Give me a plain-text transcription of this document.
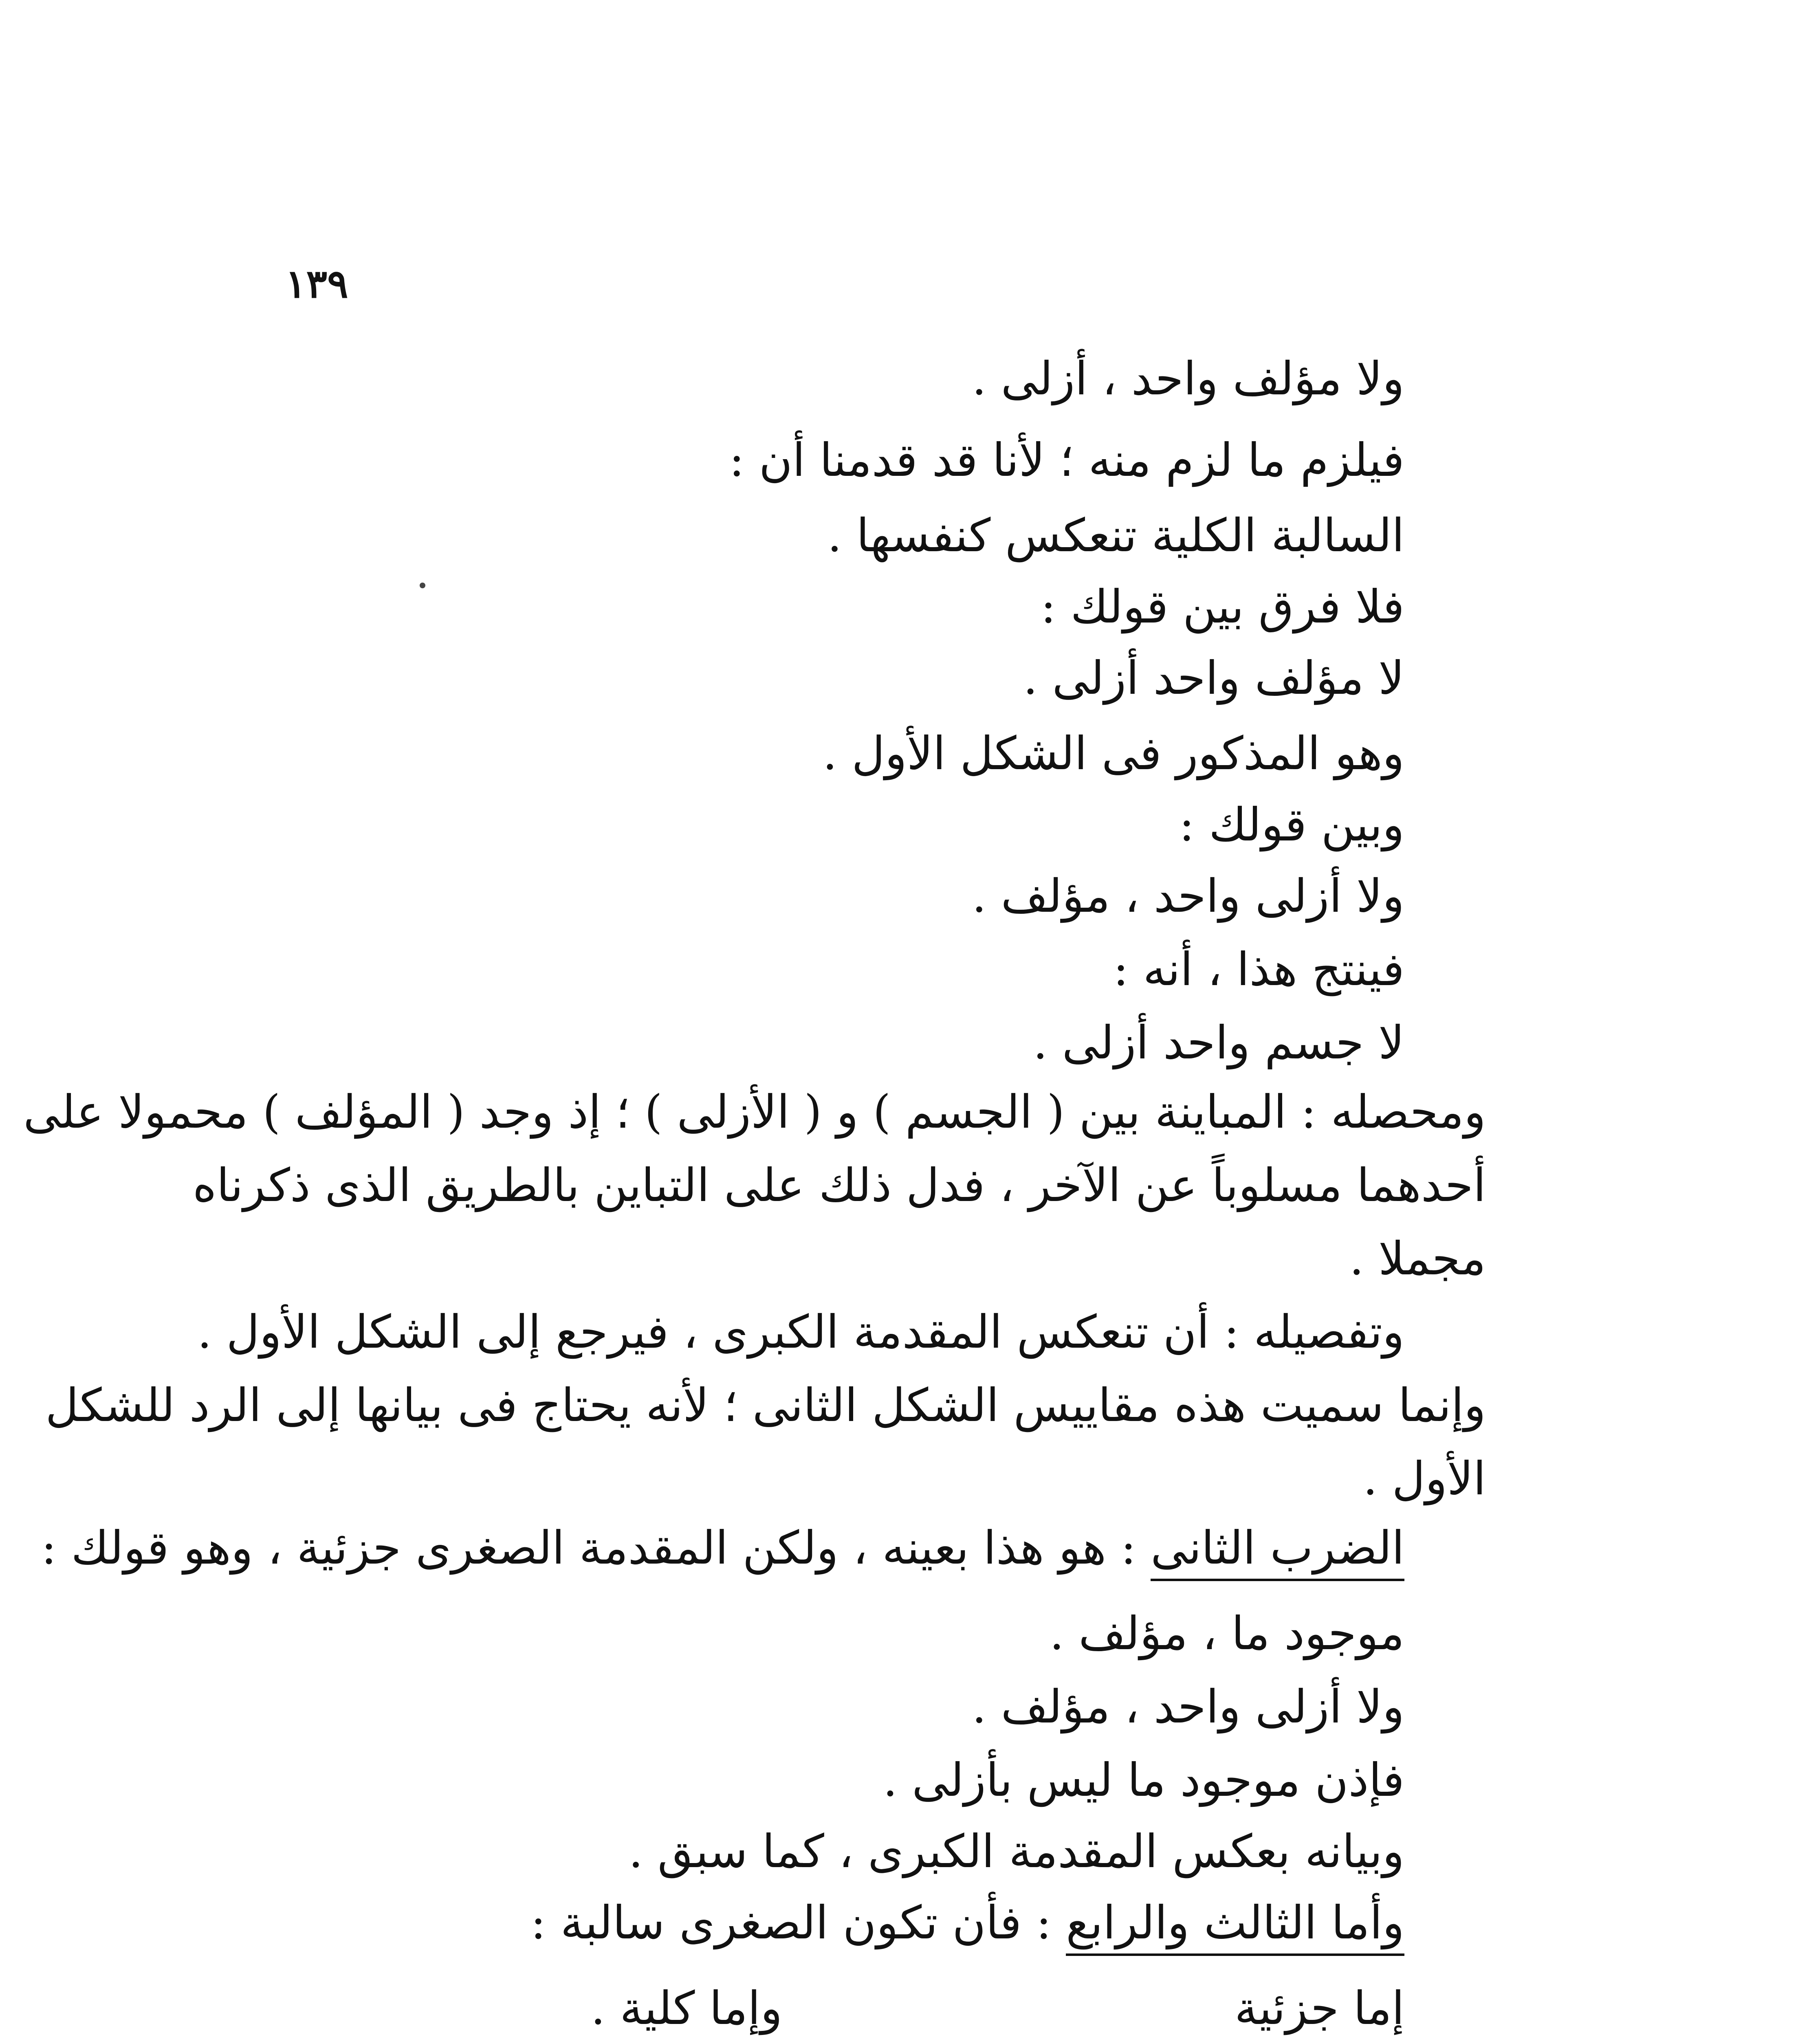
١٣٩
ولا مؤلف واحد ، أزلى .
فيلزم ما لزم منه ؛ لأنا قد قدمنا أن :
السالبة الكلية تنعكس كنفسها .
فلا فرق بين قولك :
لا مؤلف واحد أزلى .
وهو المذكور فى الشكل الأول .
وبين قولك :
ولا أزلى واحد ، مؤلف .
فينتج هذا ، أنه :
لا جسم واحد أزلى .
ومحصله : المباينة بين ( الجسم ) و ( الأزلى ) ؛ إذ وجد ( المؤلف ) محمولا على
أحدهما مسلوباً عن الآخر ، فدل ذلك على التباين بالطريق الذى ذكرناه
مجملا .
وتفصيله : أن تنعكس المقدمة الكبرى ، فيرجع إلى الشكل الأول .
وإنما سميت هذه مقاييس الشكل الثانى ؛ لأنه يحتاج فى بيانها إلى الرد للشكل
الأول .
الضرب الثانى : هو هذا بعينه ، ولكن المقدمة الصغرى جزئية ، وهو قولك :
موجود ما ، مؤلف .
ولا أزلى واحد ، مؤلف .
فإذن موجود ما ليس بأزلى .
وبيانه بعكس المقدمة الكبرى ، كما سبق .
وأما الثالث والرابع : فأن تكون الصغرى سالبة :
إما جزئية
وإما كلية .
